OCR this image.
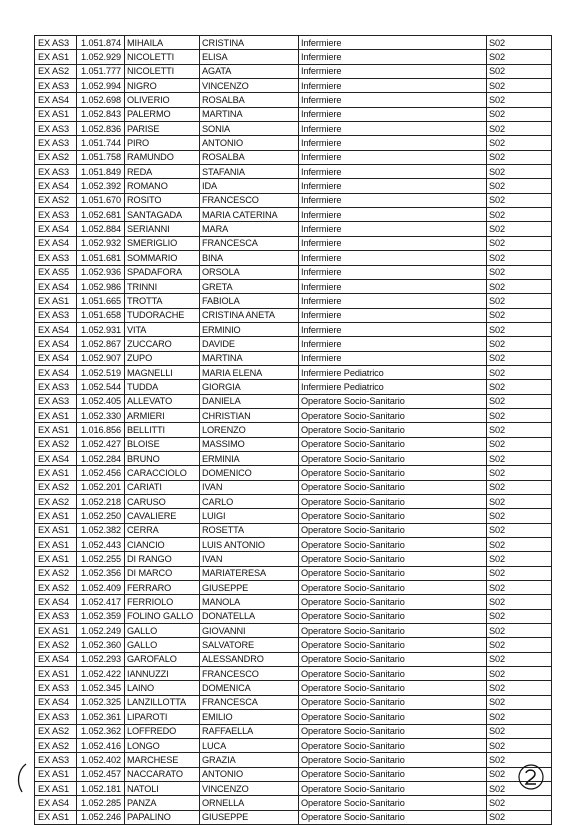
EX AS3	1.051.874	MIHAILA	CRISTINA	Infermiere	S02
EX AS1	1.052.929	NICOLETTI	ELISA	Infermiere	S02
EX AS2	1.051.777	NICOLETTI	AGATA	Infermiere	S02
EX AS3	1.052.994	NIGRO	VINCENZO	Infermiere	S02
EX AS4	1.052.698	OLIVERIO	ROSALBA	Infermiere	S02
EX AS1	1.052.843	PALERMO	MARTINA	Infermiere	S02
EX AS3	1.052.836	PARISE	SONIA	Infermiere	S02
EX AS3	1.051.744	PIRO	ANTONIO	Infermiere	S02
EX AS2	1.051.758	RAMUNDO	ROSALBA	Infermiere	S02
EX AS3	1.051.849	REDA	STAFANIA	Infermiere	S02
EX AS4	1.052.392	ROMANO	IDA	Infermiere	S02
EX AS2	1.051.670	ROSITO	FRANCESCO	Infermiere	S02
EX AS3	1.052.681	SANTAGADA	MARIA CATERINA	Infermiere	S02
EX AS4	1.052.884	SERIANNI	MARA	Infermiere	S02
EX AS4	1.052.932	SMERIGLIO	FRANCESCA	Infermiere	S02
EX AS3	1.051.681	SOMMARIO	BINA	Infermiere	S02
EX AS5	1.052.936	SPADAFORA	ORSOLA	Infermiere	S02
EX AS4	1.052.986	TRINNI	GRETA	Infermiere	S02
EX AS1	1.051.665	TROTTA	FABIOLA	Infermiere	S02
EX AS3	1.051.658	TUDORACHE	CRISTINA ANETA	Infermiere	S02
EX AS4	1.052.931	VITA	ERMINIO	Infermiere	S02
EX AS4	1.052.867	ZUCCARO	DAVIDE	Infermiere	S02
EX AS4	1.052.907	ZUPO	MARTINA	Infermiere	S02
EX AS4	1.052.519	MAGNELLI	MARIA ELENA	Infermiere Pediatrico	S02
EX AS3	1.052.544	TUDDA	GIORGIA	Infermiere Pediatrico	S02
EX AS3	1.052.405	ALLEVATO	DANIELA	Operatore Socio-Sanitario	S02
EX AS1	1.052.330	ARMIERI	CHRISTIAN	Operatore Socio-Sanitario	S02
EX AS1	1.016.856	BELLITTI	LORENZO	Operatore Socio-Sanitario	S02
EX AS2	1.052.427	BLOISE	MASSIMO	Operatore Socio-Sanitario	S02
EX AS4	1.052.284	BRUNO	ERMINIA	Operatore Socio-Sanitario	S02
EX AS1	1.052.456	CARACCIOLO	DOMENICO	Operatore Socio-Sanitario	S02
EX AS2	1.052.201	CARIATI	IVAN	Operatore Socio-Sanitario	S02
EX AS2	1.052.218	CARUSO	CARLO	Operatore Socio-Sanitario	S02
EX AS1	1.052.250	CAVALIERE	LUIGI	Operatore Socio-Sanitario	S02
EX AS1	1.052.382	CERRA	ROSETTA	Operatore Socio-Sanitario	S02
EX AS1	1.052.443	CIANCIO	LUIS ANTONIO	Operatore Socio-Sanitario	S02
EX AS1	1.052.255	DI RANGO	IVAN	Operatore Socio-Sanitario	S02
EX AS2	1.052.356	DI MARCO	MARIATERESA	Operatore Socio-Sanitario	S02
EX AS2	1.052.409	FERRARO	GIUSEPPE	Operatore Socio-Sanitario	S02
EX AS4	1.052.417	FERRIOLO	MANOLA	Operatore Socio-Sanitario	S02
EX AS3	1.052.359	FOLINO GALLO	DONATELLA	Operatore Socio-Sanitario	S02
EX AS1	1.052.249	GALLO	GIOVANNI	Operatore Socio-Sanitario	S02
EX AS2	1.052.360	GALLO	SALVATORE	Operatore Socio-Sanitario	S02
EX AS4	1.052.293	GAROFALO	ALESSANDRO	Operatore Socio-Sanitario	S02
EX AS1	1.052.422	IANNUZZI	FRANCESCO	Operatore Socio-Sanitario	S02
EX AS3	1.052.345	LAINO	DOMENICA	Operatore Socio-Sanitario	S02
EX AS4	1.052.325	LANZILLOTTA	FRANCESCA	Operatore Socio-Sanitario	S02
EX AS3	1.052.361	LIPAROTI	EMILIO	Operatore Socio-Sanitario	S02
EX AS2	1.052.362	LOFFREDO	RAFFAELLA	Operatore Socio-Sanitario	S02
EX AS2	1.052.416	LONGO	LUCA	Operatore Socio-Sanitario	S02
EX AS3	1.052.402	MARCHESE	GRAZIA	Operatore Socio-Sanitario	S02
EX AS1	1.052.457	NACCARATO	ANTONIO	Operatore Socio-Sanitario	S02
EX AS1	1.052.181	NATOLI	VINCENZO	Operatore Socio-Sanitario	S02
EX AS4	1.052.285	PANZA	ORNELLA	Operatore Socio-Sanitario	S02
EX AS1	1.052.246	PAPALINO	GIUSEPPE	Operatore Socio-Sanitario	S02
